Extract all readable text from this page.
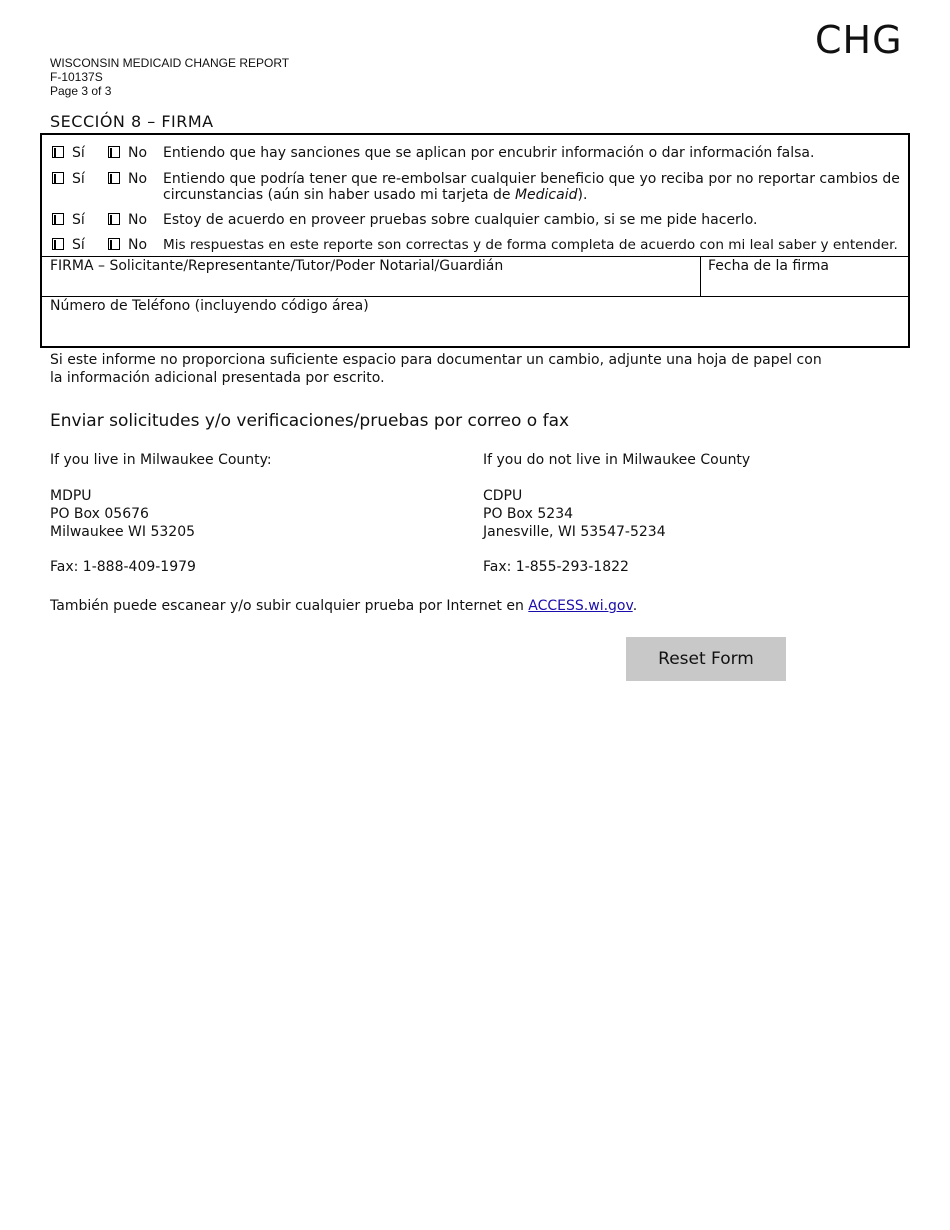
CHG
WISCONSIN MEDICAID CHANGE REPORT
F-10137S
Page 3 of 3
SECCIÓN 8 – FIRMA
Sí	No Entiendo que hay sanciones que se aplican por encubrir información o dar información falsa.
Sí	No Entiendo que podría tener que re-embolsar cualquier beneficio que yo reciba por no reportar cambios de circunstancias (aún sin haber usado mi tarjeta de Medicaid).
Sí	No Estoy de acuerdo en proveer pruebas sobre cualquier cambio, si se me pide hacerlo.
Sí	No Mis respuestas en este reporte son correctas y de forma completa de acuerdo con mi leal saber y entender.
FIRMA – Solicitante/Representante/Tutor/Poder Notarial/Guardián	Fecha de la firma
Número de Teléfono (incluyendo código área)
Si este informe no proporciona suficiente espacio para documentar un cambio, adjunte una hoja de papel con
la información adicional presentada por escrito.
Enviar solicitudes y/o verificaciones/pruebas por correo o fax
If you live in Milwaukee County:
MDPU
PO Box 05676
Milwaukee WI 53205
Fax: 1-888-409-1979
If you do not live in Milwaukee County
CDPU
PO Box 5234
Janesville, WI 53547-5234
Fax: 1-855-293-1822
También puede escanear y/o subir cualquier prueba por Internet en ACCESS.wi.gov.
Reset Form
